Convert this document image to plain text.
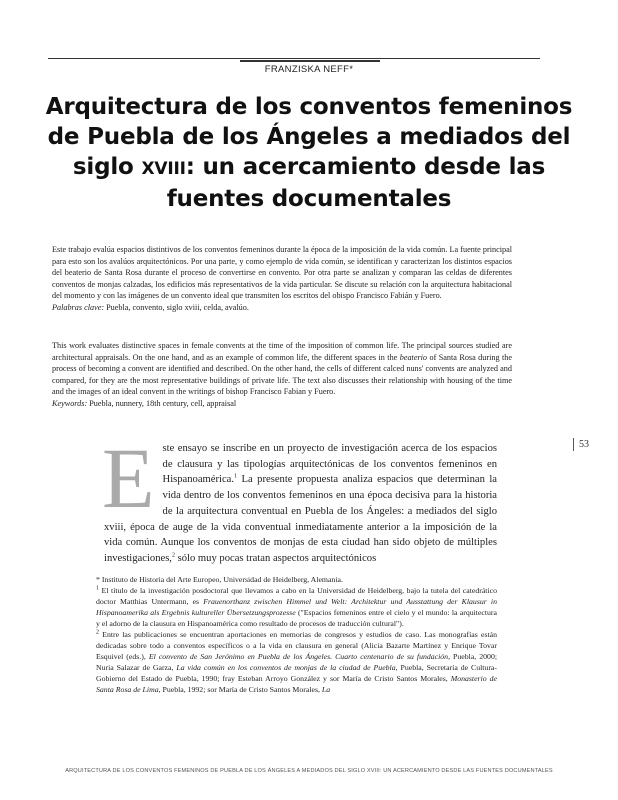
FRANZISKA NEFF*
Arquitectura de los conventos femeninos de Puebla de los Ángeles a mediados del siglo XVIII: un acercamiento desde las fuentes documentales
Este trabajo evalúa espacios distintivos de los conventos femeninos durante la época de la imposición de la vida común. La fuente principal para esto son los avalúos arquitectónicos. Por una parte, y como ejemplo de vida común, se identifican y caracterizan los distintos espacios del beaterio de Santa Rosa durante el proceso de convertirse en convento. Por otra parte se analizan y comparan las celdas de diferentes conventos de monjas calzadas, los edificios más representativos de la vida particular. Se discute su relación con la arquitectura habitacional del momento y con las imágenes de un convento ideal que transmiten los escritos del obispo Francisco Fabián y Fuero.
Palabras clave: Puebla, convento, siglo xviii, celda, avalúo.
This work evaluates distinctive spaces in female convents at the time of the imposition of common life. The principal sources studied are architectural appraisals. On the one hand, and as an example of common life, the different spaces in the beaterio of Santa Rosa during the process of becoming a convent are identified and described. On the other hand, the cells of different calced nuns' convents are analyzed and compared, for they are the most representative buildings of private life. The text also discusses their relationship with housing of the time and the images of an ideal convent in the writings of bishop Francisco Fabian y Fuero.
Keywords: Puebla, nunnery, 18th century, cell, appraisal
53

Este ensayo se inscribe en un proyecto de investigación acerca de los espacios de clausura y las tipologías arquitectónicas de los conventos femeninos en Hispanoamérica.$^1$ La presente propuesta analiza espacios que determinan la vida dentro de los conventos femeninos en una época decisiva para la historia de la arquitectura conventual en Puebla de los Ángeles: a mediados del siglo xviii, época de auge de la vida conventual inmediatamente anterior a la imposición de la vida común. Aunque los conventos de monjas de esta ciudad han sido objeto de múltiples investigaciones,$^2$ sólo muy pocas tratan aspectos arquitectónicos

* Instituto de Historia del Arte Europeo, Universidad de Heidelberg, Alemania.

$^1$ El título de la investigación posdoctoral que llevamos a cabo en la Universidad de Heidelberg, bajo la tutela del catedrático doctor Matthias Untermann, es Frauenorthanz zwischen Himmel und Welt: Architektur und Ausstattung der Klausur in Hispanoamerika als Ergebnis kultureller Übersetzungsprozesse ("Espacios femeninos entre el cielo y el mundo: la arquitectura y el adorno de la clausura en Hispanoamérica como resultado de procesos de traducción cultural").

$^2$ Entre las publicaciones se encuentran aportaciones en memorias de congresos y estudios de caso. Las monografías están dedicadas sobre todo a conventos específicos o a la vida en clausura en general (Alicia Bazarte Martínez y Enrique Tovar Esquivel (eds.), El convento de San Jerónimo en Puebla de los Ángeles. Cuarto centenario de su fundación, Puebla, 2000; Nuria Salazar de Garza, La vida común en los conventos de monjas de la ciudad de Puebla, Puebla, Secretaría de Cultura-Gobierno del Estado de Puebla, 1990; fray Esteban Arroyo González y sor María de Cristo Santos Morales, Monasterio de Santa Rosa de Lima, Puebla, 1992; sor María de Cristo Santos Morales, La

ARQUITECTURA DE LOS CONVENTOS FEMENINOS DE PUEBLA DE LOS ÁNGELES A MEDIADOS DEL SIGLO XVIII: UN ACERCAMIENTO DESDE LAS FUENTES DOCUMENTALES
